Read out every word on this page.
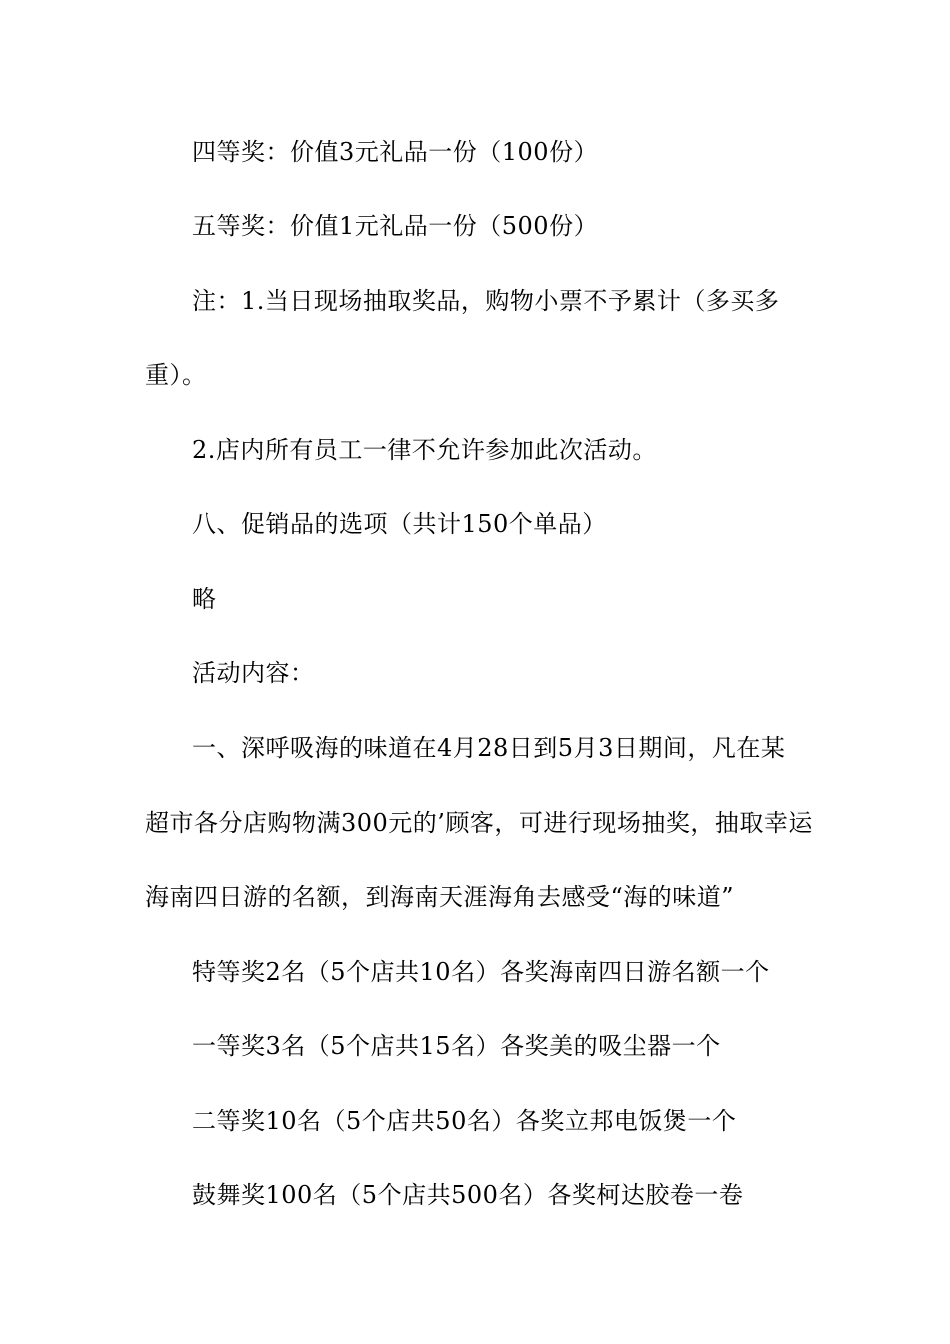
四等奖：价值3元礼品一份（100份）
五等奖：价值1元礼品一份（500份）
注：1.当日现场抽取奖品，购物小票不予累计（多买多
重）。
2.店内所有员工一律不允许参加此次活动。
八、促销品的选项（共计150个单品）
略
活动内容：
一、深呼吸海的味道在4月28日到5月3日期间，凡在某
超市各分店购物满300元的’顾客，可进行现场抽奖，抽取幸运
海南四日游的名额，到海南天涯海角去感受“海的味道”
特等奖2名（5个店共10名）各奖海南四日游名额一个
一等奖3名（5个店共15名）各奖美的吸尘器一个
二等奖10名（5个店共50名）各奖立邦电饭煲一个
鼓舞奖100名（5个店共500名）各奖柯达胶卷一卷
